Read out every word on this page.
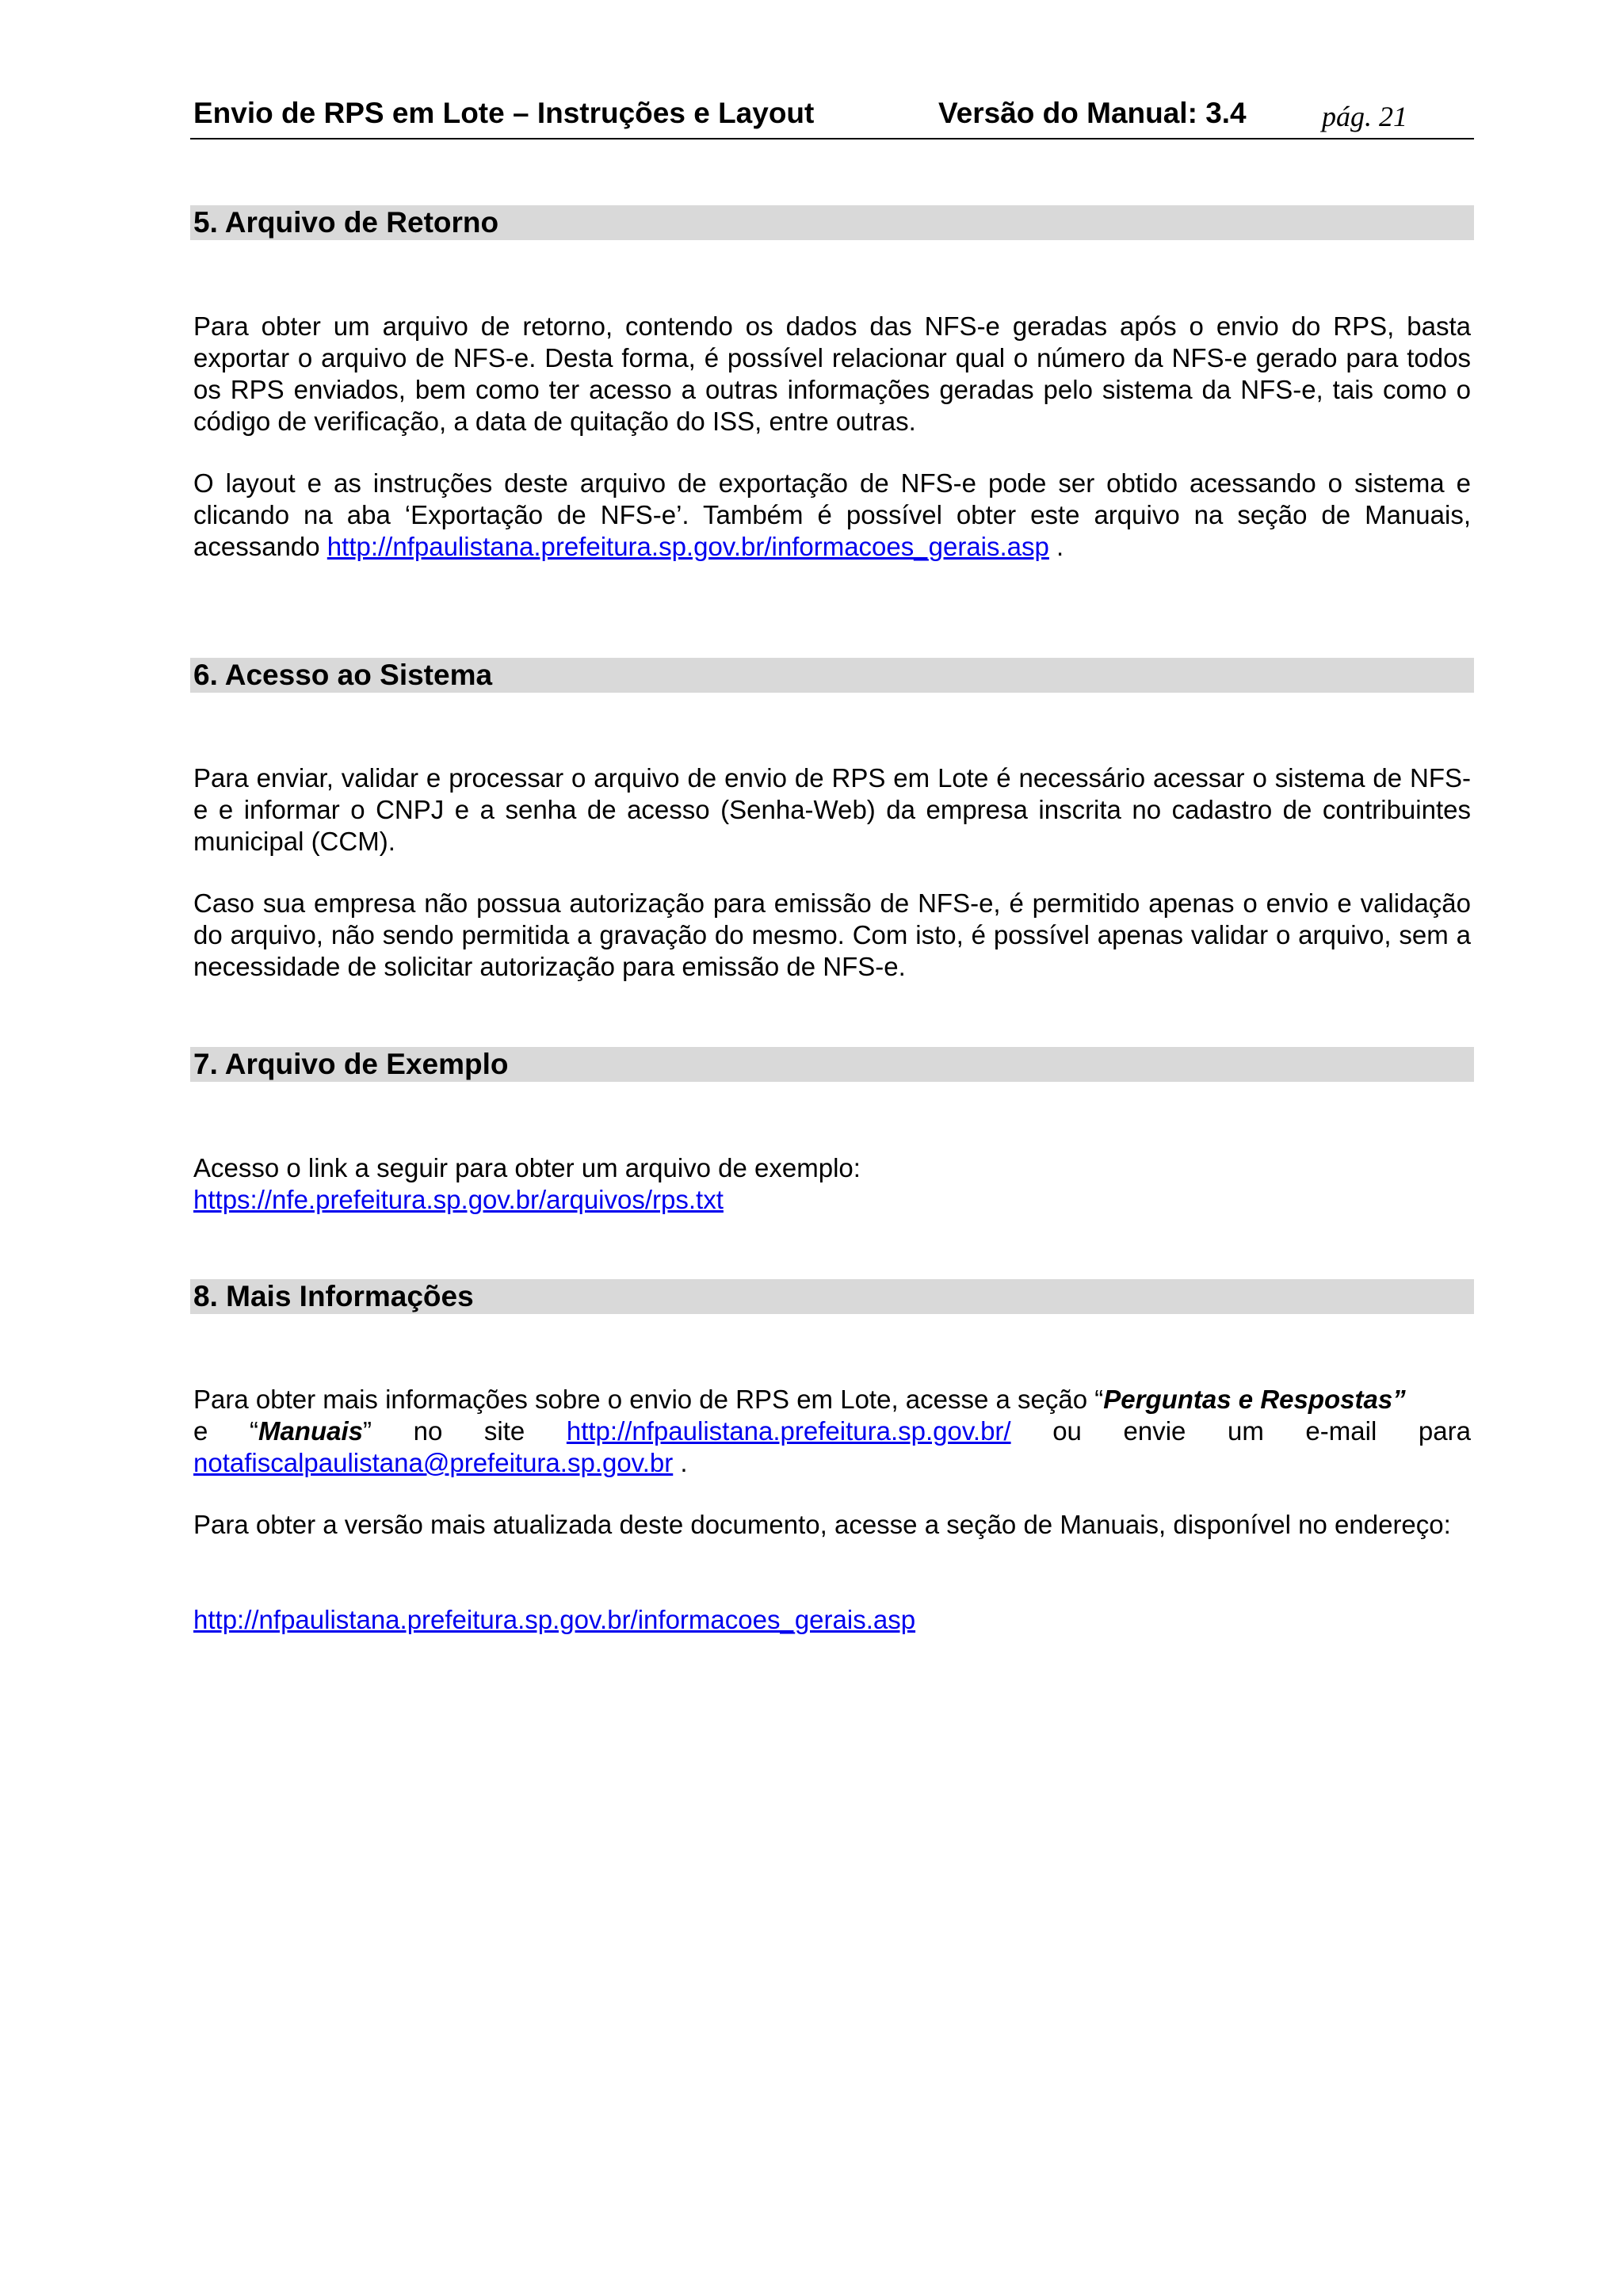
Envio de RPS em Lote – Instruções e Layout	Versão do Manual: 3.4	pág. 21
5. Arquivo de Retorno
Para obter um arquivo de retorno, contendo os dados das NFS-e geradas após o envio do RPS, basta exportar o arquivo de NFS-e. Desta forma, é possível relacionar qual o número da NFS-e gerado para todos os RPS enviados, bem como ter acesso a outras informações geradas pelo sistema da NFS-e, tais como o código de verificação, a data de quitação do ISS, entre outras.
O layout e as instruções deste arquivo de exportação de NFS-e pode ser obtido acessando o sistema e clicando na aba ‘Exportação de NFS-e’. Também é possível obter este arquivo na seção de Manuais, acessando http://nfpaulistana.prefeitura.sp.gov.br/informacoes_gerais.asp .
6. Acesso ao Sistema
Para enviar, validar e processar o arquivo de envio de RPS em Lote é necessário acessar o sistema de NFS-e e informar o CNPJ e a senha de acesso (Senha-Web) da empresa inscrita no cadastro de contribuintes municipal (CCM).
Caso sua empresa não possua autorização para emissão de NFS-e, é permitido apenas o envio e validação do arquivo, não sendo permitida a gravação do mesmo. Com isto, é possível apenas validar o arquivo, sem a necessidade de solicitar autorização para emissão de NFS-e.
7. Arquivo de Exemplo
Acesso o link a seguir para obter um arquivo de exemplo:
https://nfe.prefeitura.sp.gov.br/arquivos/rps.txt
8. Mais Informações
Para obter mais informações sobre o envio de RPS em Lote, acesse a seção “Perguntas e Respostas”
e “Manuais” no site http://nfpaulistana.prefeitura.sp.gov.br/ ou envie um e-mail para
notafiscalpaulistana@prefeitura.sp.gov.br .
Para obter a versão mais atualizada deste documento, acesse a seção de Manuais, disponível no endereço:
http://nfpaulistana.prefeitura.sp.gov.br/informacoes_gerais.asp
